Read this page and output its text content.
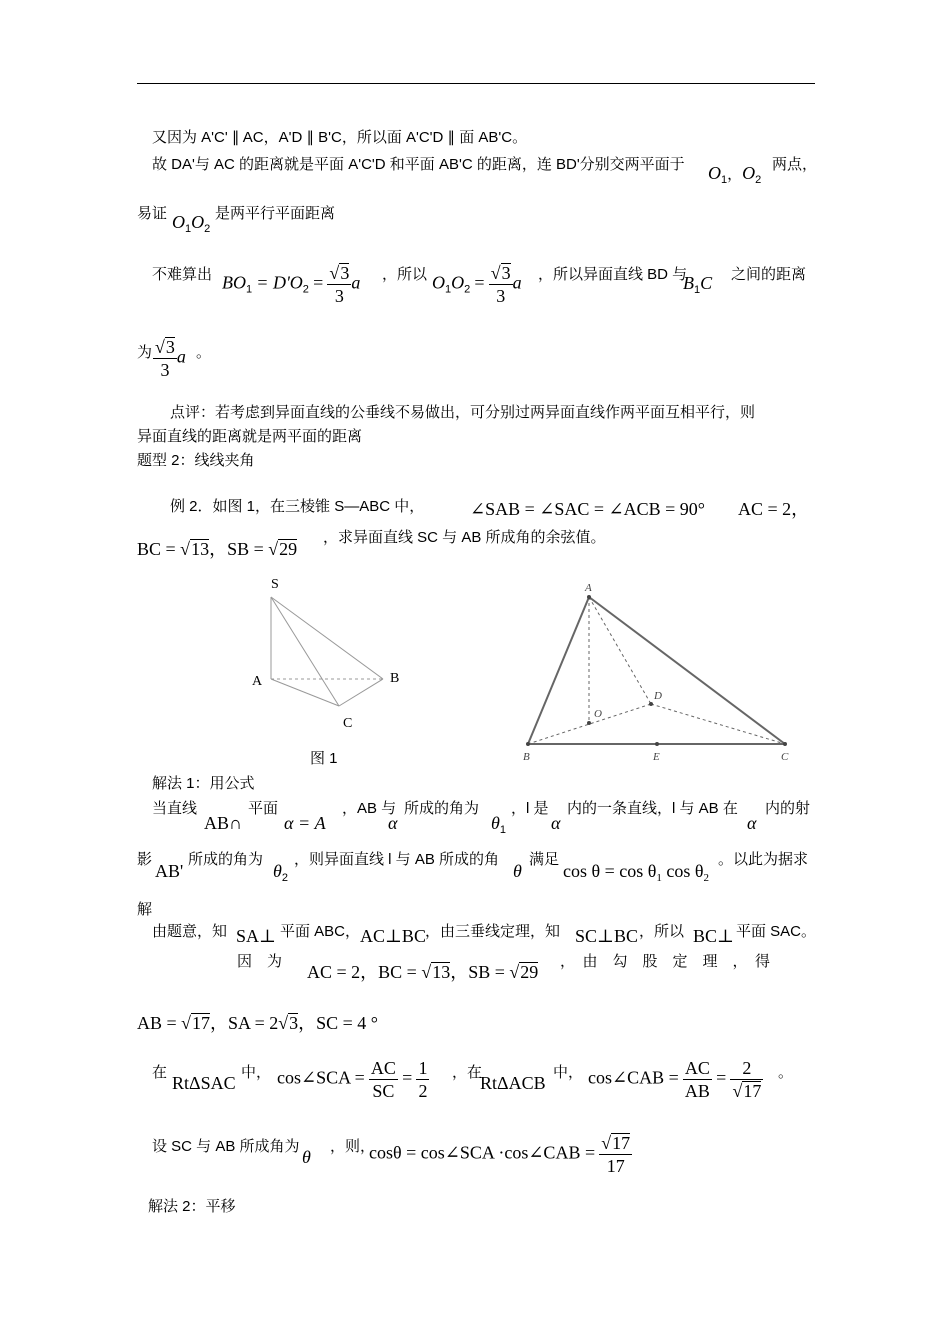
又因为 A'C' ∥ AC，A'D ∥ B'C，所以面 A'C'D ∥ 面 AB'C。
故 DA'与 AC 的距离就是平面 A'C'D 和平面 AB'C 的距离，连 BD'分别交两平面于 $O_1$，$O_2$
两点，
易证 $O_1O_2$
是两平行平面距离
不难算出 $BO_1 = D'O_2 = \frac{√3}{3}$ a ，所以 $O_1O_2 = \frac{√3}{3}$ a ，所以异面直线 BD 与
$B_1C$ 之间的距离
为 $\frac{√3}{3}$ a 。
点评：若考虑到异面直线的公垂线不易做出，可分别过两异面直线作两平面互相平行，则
异面直线的距离就是两平面的距离
题型 2：线线夹角
例 2．如图 1，在三棱锥 S—ABC 中，	∠SAB = ∠SAC = ∠ACB = 90° AC = 2，
BC = √13，SB = √29
，求异面直线 SC 与 AB 所成角的余弦值。
S
A	B
C
图 1
A
D
O
B	E	C
解法 1：用公式
当直线
AB∩
平面
α = A
，AB 与
α
所成的角为
$\theta_1$
，l 是
α
内的一条直线，l 与 AB 在
α
内的射
影
AB'
所成的角为
$\theta_2$
，则异面直线 l 与 AB 所成的角
θ
满足
$\cos \theta = \cos \theta_1$ $\cos \theta_2$
。以此为据求
解
由题意，知 SA⊥ 平面 ABC， AC⊥BC ，由三垂线定理，知 SC⊥BC ，所以 BC⊥ 平面 SAC。
因　为
AC = 2，BC = √13，SB = √29
，　由　勾　股　定　理　，　得
AB = √17，SA = 2√3，SC = 4 °
在
RtΔSAC
中， cos∠SCA = $\frac{AC}{SC} = \frac{1}{2}$ ，在
RtΔACB
中， cos∠CAB = $\frac{AC}{AB} = \frac{2}{√17}$ 。
设 SC 与 AB 所成角为
θ
，则，
cosθ = cos∠SCA ·cos∠CAB = $\frac{√17}{17}$
解法 2：平移
